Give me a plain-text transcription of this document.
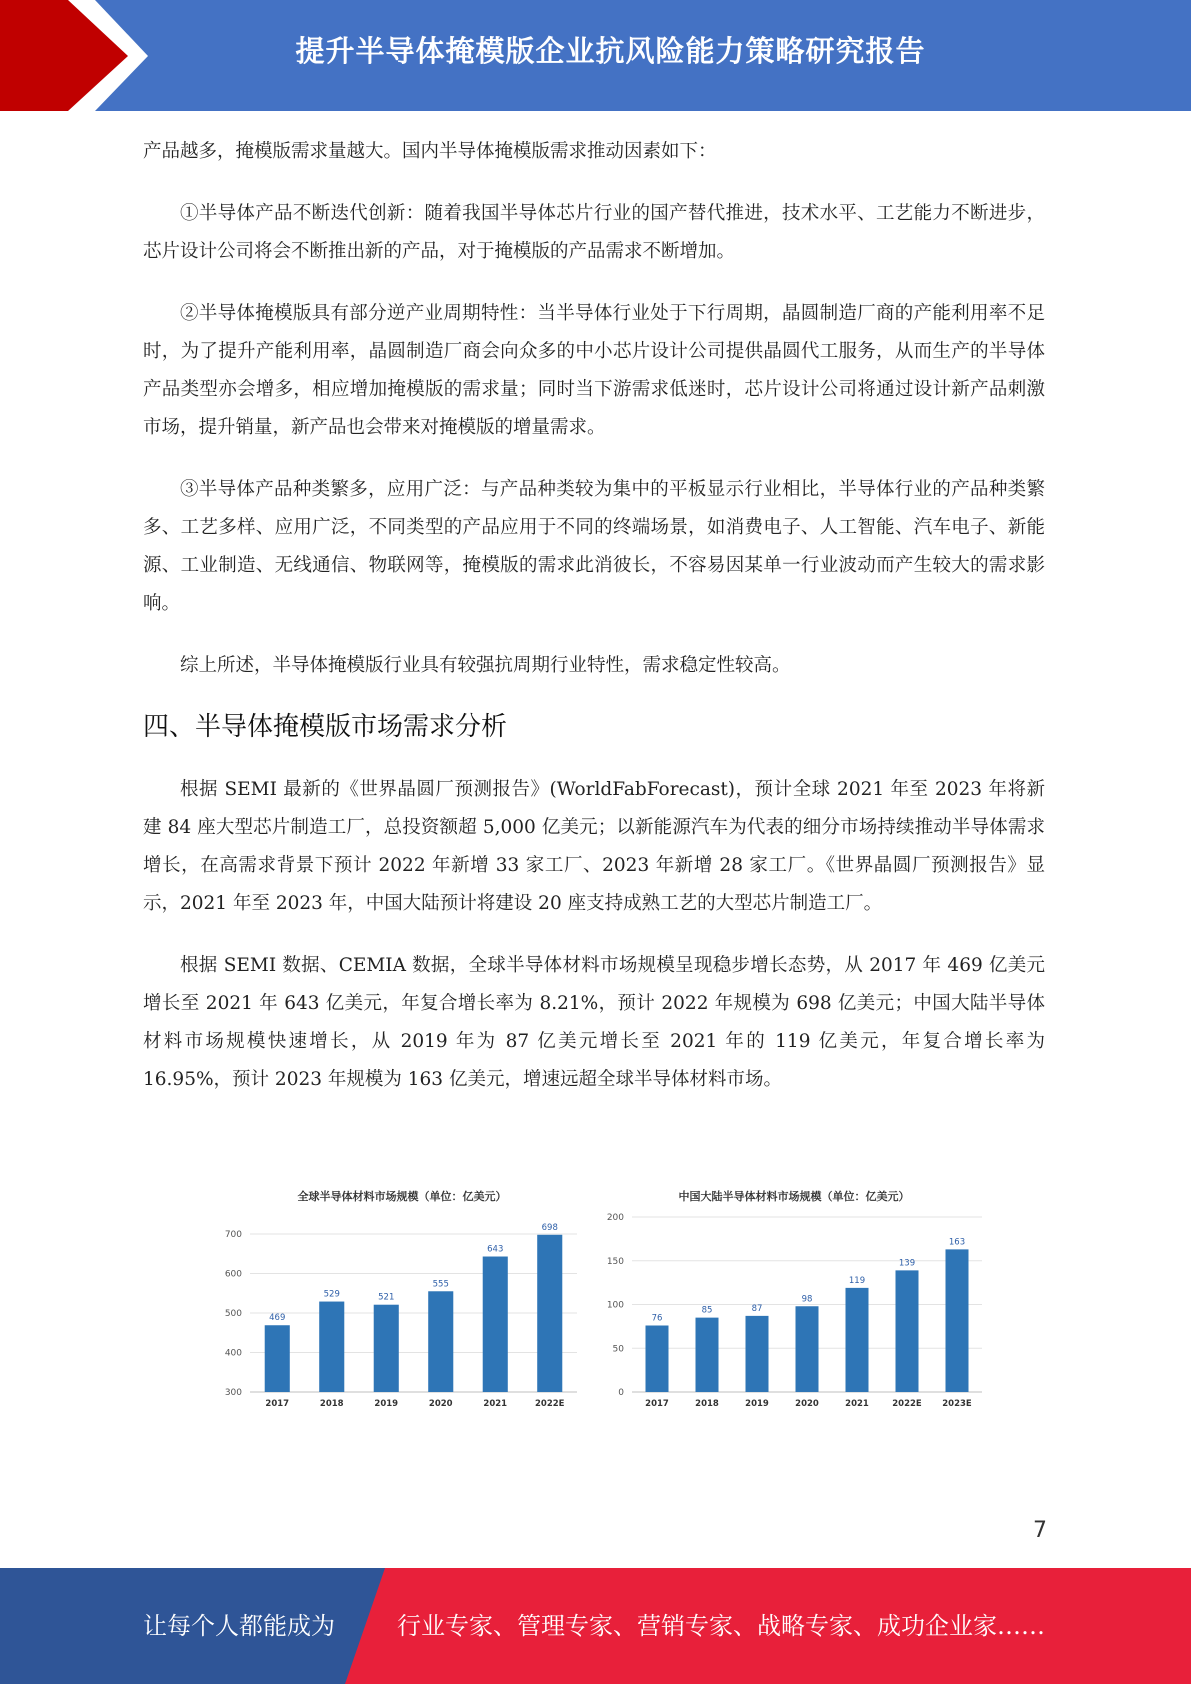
提升半导体掩模版企业抗风险能力策略研究报告

产品越多，掩模版需求量越大。国内半导体掩模版需求推动因素如下：

①半导体产品不断迭代创新：随着我国半导体芯片行业的国产替代推进，技术水平、工艺能力不断进步，芯片设计公司将会不断推出新的产品，对于掩模版的产品需求不断增加。

②半导体掩模版具有部分逆产业周期特性：当半导体行业处于下行周期，晶圆制造厂商的产能利用率不足时，为了提升产能利用率，晶圆制造厂商会向众多的中小芯片设计公司提供晶圆代工服务，从而生产的半导体产品类型亦会增多，相应增加掩模版的需求量；同时当下游需求低迷时，芯片设计公司将通过设计新产品刺激市场，提升销量，新产品也会带来对掩模版的增量需求。

③半导体产品种类繁多，应用广泛：与产品种类较为集中的平板显示行业相比，半导体行业的产品种类繁多、工艺多样、应用广泛，不同类型的产品应用于不同的终端场景，如消费电子、人工智能、汽车电子、新能源、工业制造、无线通信、物联网等，掩模版的需求此消彼长，不容易因某单一行业波动而产生较大的需求影响。

综上所述，半导体掩模版行业具有较强抗周期行业特性，需求稳定性较高。

四、半导体掩模版市场需求分析

根据 SEMI 最新的《世界晶圆厂预测报告》(WorldFabForecast)，预计全球 2021 年至 2023 年将新建 84 座大型芯片制造工厂，总投资额超 5,000 亿美元；以新能源汽车为代表的细分市场持续推动半导体需求增长，在高需求背景下预计 2022 年新增 33 家工厂、2023 年新增 28 家工厂。《世界晶圆厂预测报告》显示，2021 年至 2023 年，中国大陆预计将建设 20 座支持成熟工艺的大型芯片制造工厂。

根据 SEMI 数据、CEMIA 数据，全球半导体材料市场规模呈现稳步增长态势，从 2017 年 469 亿美元增长至 2021 年 643 亿美元，年复合增长率为 8.21%，预计 2022 年规模为 698 亿美元；中国大陆半导体材料市场规模快速增长，从 2019 年为 87 亿美元增长至 2021 年的 119 亿美元，年复合增长率为 16.95%，预计 2023 年规模为 163 亿美元，增速远超全球半导体材料市场。

全球半导体材料市场规模（单位：亿美元）
300
400
500
600
700
469
2017
529
2018
521
2019
555
2020
643
2021
698
2022E
中国大陆半导体材料市场规模（单位：亿美元）
0
50
100
150
200
76
2017
85
2018
87
2019
98
2020
119
2021
139
2022E
163
2023E
7
让每个人都能成为	行业专家、管理专家、营销专家、战略专家、成功企业家……
